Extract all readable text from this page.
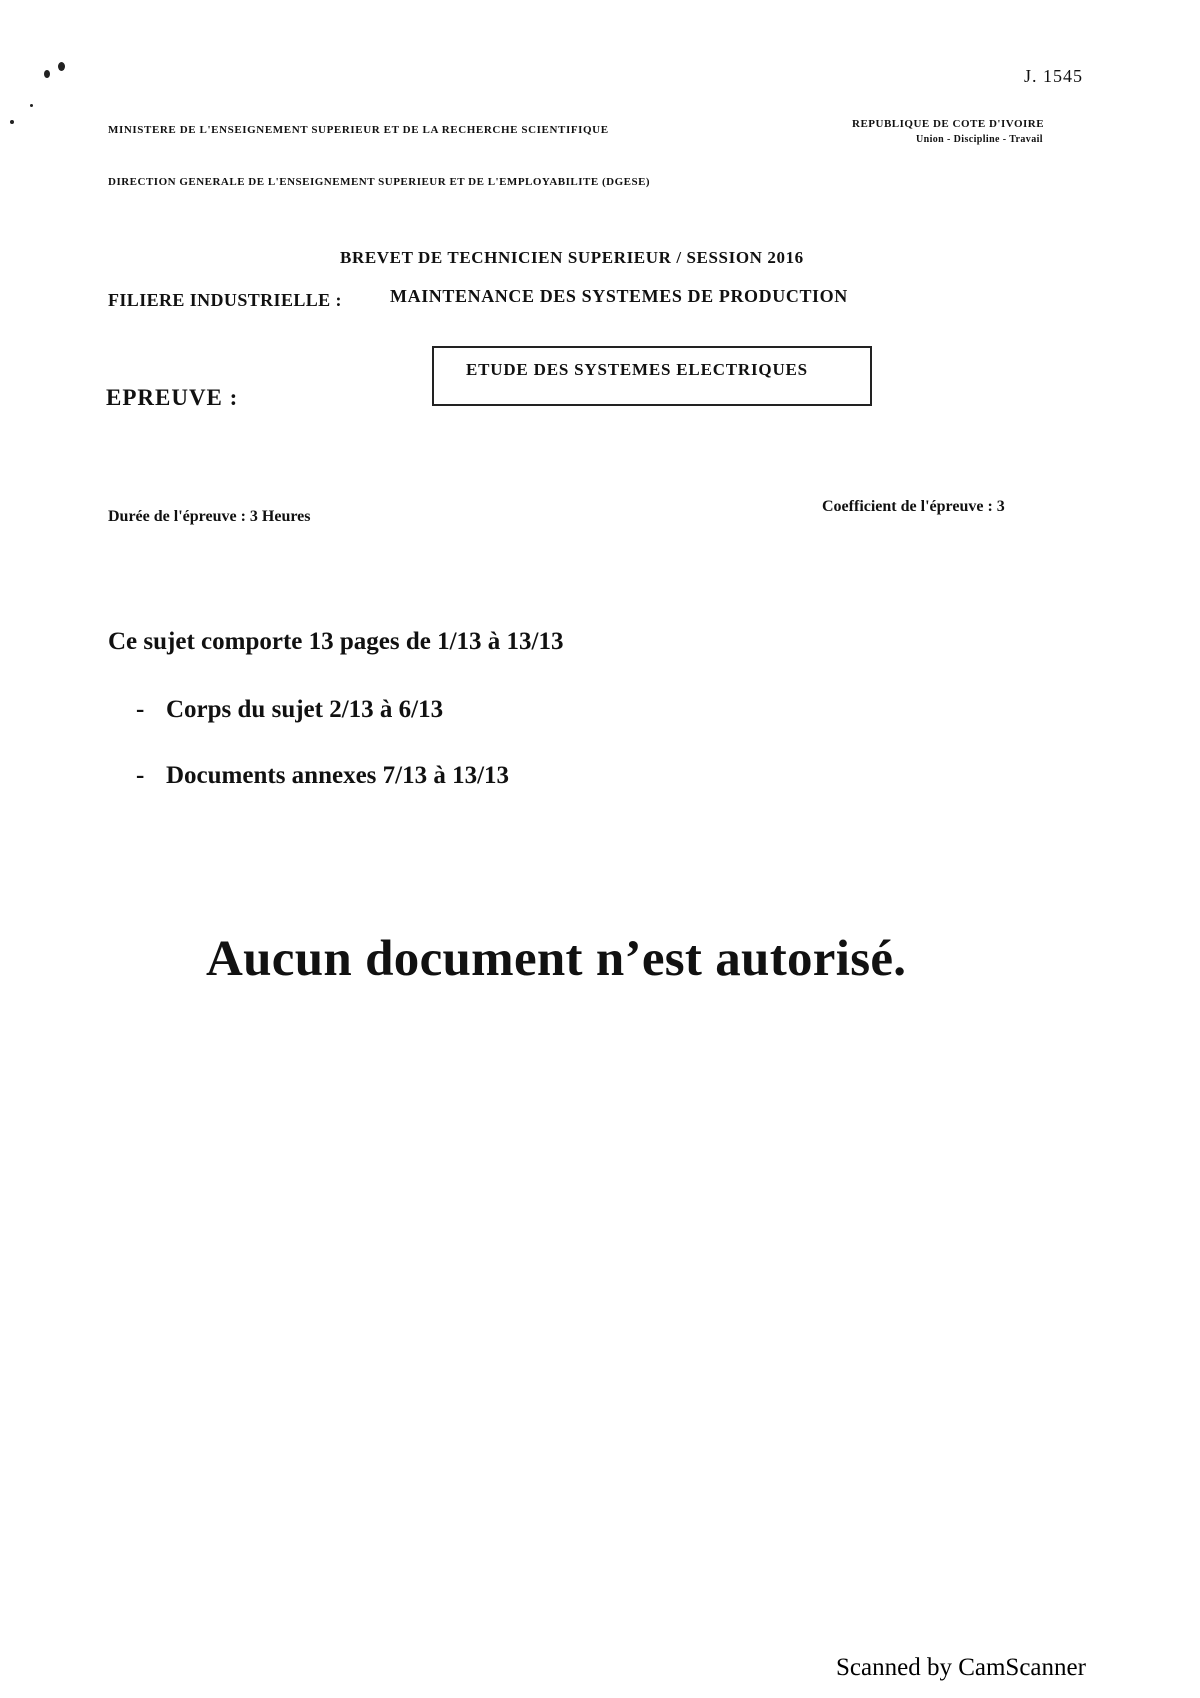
J. 1545
MINISTERE DE L'ENSEIGNEMENT SUPERIEUR ET DE LA RECHERCHE SCIENTIFIQUE	REPUBLIQUE DE COTE D'IVOIRE
Union - Discipline - Travail
DIRECTION GENERALE DE L'ENSEIGNEMENT SUPERIEUR ET DE L'EMPLOYABILITE (DGESE)
BREVET DE TECHNICIEN SUPERIEUR / SESSION 2016
FILIERE INDUSTRIELLE :	MAINTENANCE DES SYSTEMES DE PRODUCTION
EPREUVE :
ETUDE DES SYSTEMES ELECTRIQUES
Durée de l'épreuve : 3 Heures
Coefficient de l'épreuve : 3
Ce sujet comporte 13 pages de 1/13 à 13/13
- Corps du sujet 2/13 à 6/13
- Documents annexes 7/13 à 13/13
Aucun document n’est autorisé.
Scanned by CamScanner
